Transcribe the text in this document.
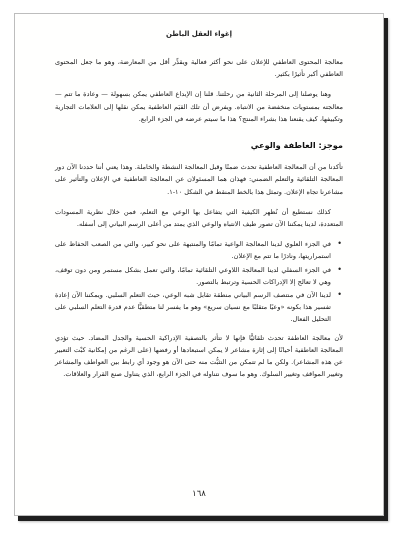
إغواء العقل الباطن

معالجة المحتوى العاطفي للإعلان على نحو أكثر فعالية ويقدِّر أقل من المعارضة، وهو ما جعل المحتوى العاطفي أكبر تأثيرًا بكثير.

وهنا يوصلنا إلى المرحلة الثانية من رحلتنا. قلنا إن الإبداع العاطفي يمكن بسهولة — وعادة ما تتم — معالجته بمستويات منخفضة من الانتباه. ويفرض أن تلك القيَم العاطفية يمكن نقلها إلى العلامات التجارية وتكييفها، كيف يقنعنا هذا بشراء المنتج؟ هذا ما سيتم عرضه في الجزء الرابع.

موجز: العاطفة والوعي

تأكدنا من أن المعالجة العاطفية تحدث ضمنًا وقبل المعالجة النشطة والخاملة. وهذا يعني أننا حددنا الآن دور المعالجة التلقائية والتعلم الضمني: فهذان هما المسئولان عن المعالجة العاطفية في الإعلان والتأثير على مشاعرنا تجاه الإعلان. وتمثل هذا بالخط المنقط في الشكل ١٠-١.

كذلك نستطيع أن نُظهر الكيفية التي يتفاعل بها الوعي مع التعلم، فمن خلال نظرية المسودات المتعددة، لدينا يمكننا الآن تصور طيف الانتباه والوعي الذي يمتد من أعلى الرسم البياني إلى أسفله.

• في الجزء العلوي لدينا المعالجة الواعية تمامًا والمنتبهة على نحو كبير، والتي من الصعب الحفاظ على استمراريتها، ونادرًا ما تتم مع الإعلان.
• في الجزء السفلي لدينا المعالجة اللاوعي التلقائية تمامًا، والتي تعمل بشكل مستمر ومن دون توقف، وهي لا تعالج إلا الإدراكات الحسية وترتبط بالتصور.
• لدينا الآن في منتصف الرسم البياني منطقة تقابل شبه الوعي، حيث التعلم السلبي. ويمكننا الآن إعادة تفسير هذا بكونه «وعيًا متقلبًا مع نسيان سريع» وهو ما يفسر لنا متطقيًّا عدم قدرة التعلم السلبي على التحليل الفعال.

لأن معالجة العاطفة تحدث تلقائيًّا فإنها لا تتأثر بالتصفية الإدراكية الحسية والجدل المضاد. حيث تؤدي المعالجة العاطفية أحيانًا إلى إثارة مشاعر لا يمكن استبعادها أو رفضها (على الرغم من إمكانية كبْت التعبير عن هذه المشاعر). ولكن ما لم تتمكن من التثبُّت منه حتى الآن هو وجود أي رابط بين العواطف والمشاعر وتغيير المواقف وتغيير السلوك. وهو ما سوف نتناوله في الجزء الرابع، الذي يتناول صنع القرار والعلاقات.

١٦٨
